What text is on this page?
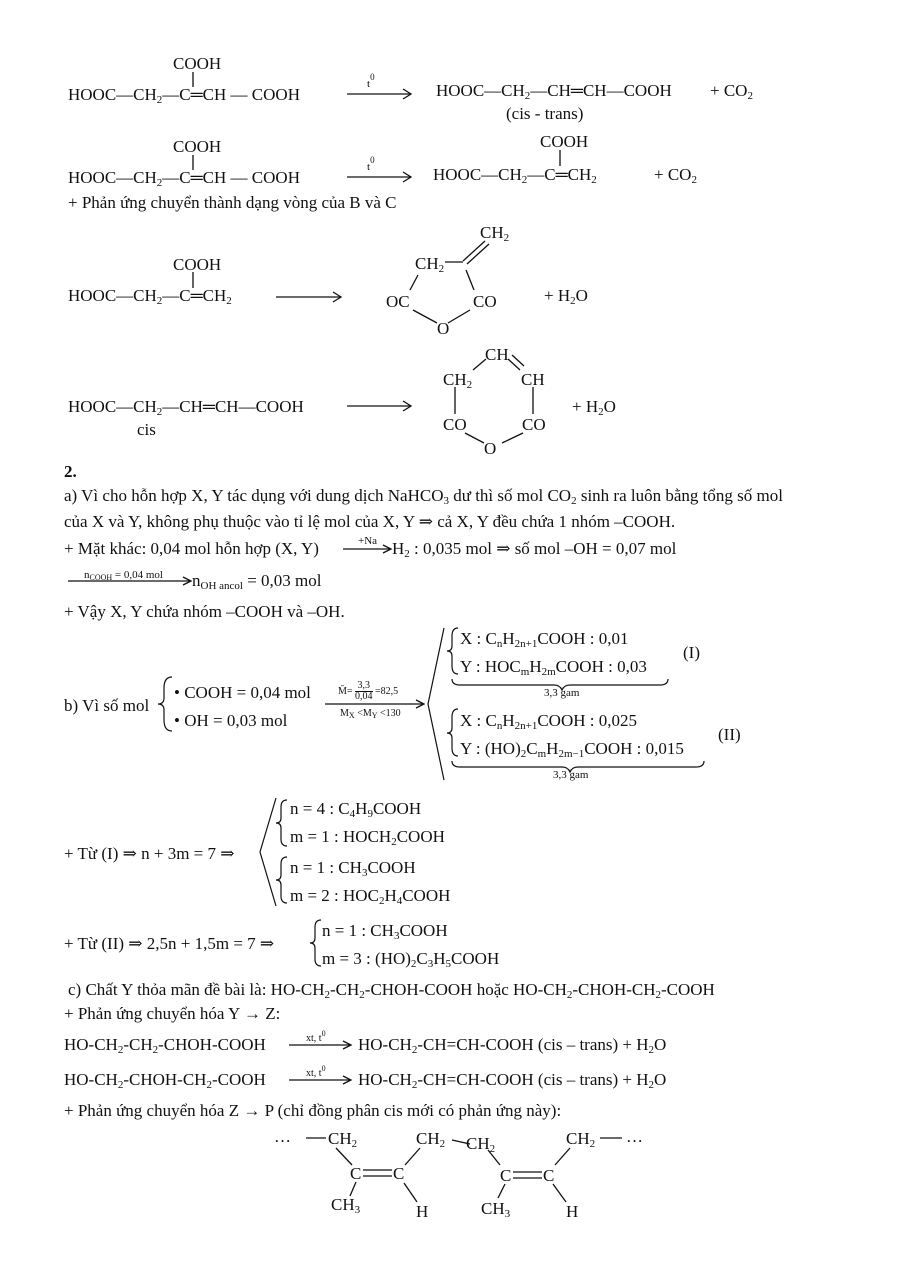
COOH
$HOOC—CH_2—C═CH$ — COOH
$t^0$
$HOOC—CH_2—CH═CH—COOH + CO_2$
(cis - trans)
COOH
$HOOC—CH_2—C═CH$ — COOH
$t^0$
COOH
$HOOC—CH_2—C═CH_2$	+ $CO_2$
+ Phản ứng chuyển thành dạng vòng của B và C
$CH_2$
COOH	$CH_2$
$HOOC—CH_2—C═CH_2$	OC	CO
O
+ $H_2O$
CH
$CH_2$	CH
$HOOC—CH_2—CH═CH—COOH$
cis	CO	CO
O
+ $H_2O$
2.
a) Vì cho hỗn hợp X, Y tác dụng với dung dịch NaHCO$_3$ dư thì số mol $CO_2$ sinh ra luôn bằng tổng số mol
của X và Y, không phụ thuộc vào tỉ lệ mol của X, Y ⇒ cả X, Y đều chứa 1 nhóm –COOH.
+ Mặt khác: 0,04 mol hỗn hợp (X, Y)	+Na $H_2$ : 0,035 mol ⇒ số mol –OH = 0,07 mol
nCOOH = 0,04 mol $n_{OH ancol} = 0,03$ mol
+ Vậy X, Y chứa nhóm –COOH và –OH.
b) Vì số mol
• COOH = 0,04 mol
• OH = 0,03 mol
M̄= $\frac{3,3}{0,04} =82,5$
$M_X <M_Y <130$
X : $C_nH_{2n+1}COOH$ : 0,01
Y : $HOC_mH_{2m}COOH$ : 0,03
3,3 gam
(I)
X : $C_nH_{2n+1}COOH$ : 0,025
Y : $(HO)_2C_mH_{2m-1}COOH$ : 0,015
3,3 gam
(II)
+ Từ (I) ⇒ n + 3m = 7 ⇒
n = 4 : $C_4H_9COOH$
m = 1 : $HOCH_2COOH$
n = 1 : $CH_3COOH$
m = 2 : $HOC_2H_4COOH$
+ Từ (II) ⇒ 2,5n + 1,5m = 7 ⇒
n = 1 : $CH_3COOH$
m = 3 : $(HO)_2C_3H_5COOH$
c) Chất Y thỏa mãn đề bài là: $HO-CH_2-CH_2-CHOH$-COOH hoặc $HO-CH_2-CHOH-CH_2$-COOH
+ Phản ứng chuyển hóa Y → Z:
$HO-CH_2-CH_2-CHOH$-COOH	xt, $t^0$
$HO-CH_2-CH=CH$-COOH (cis – trans) + $H_2O$
$HO-CH_2-CHOH-CH_2$-COOH	xt, $t^0$
$HO-CH_2-CH=CH$-COOH (cis – trans) + $H_2O$
+ Phản ứng chuyển hóa Z → P (chỉ đồng phân cis mới có phản ứng này):
… $CH_2$	$CH_2$ $CH_2$
$CH_2$ …
C C	C C
$CH_3$	H	$CH_3$	H
